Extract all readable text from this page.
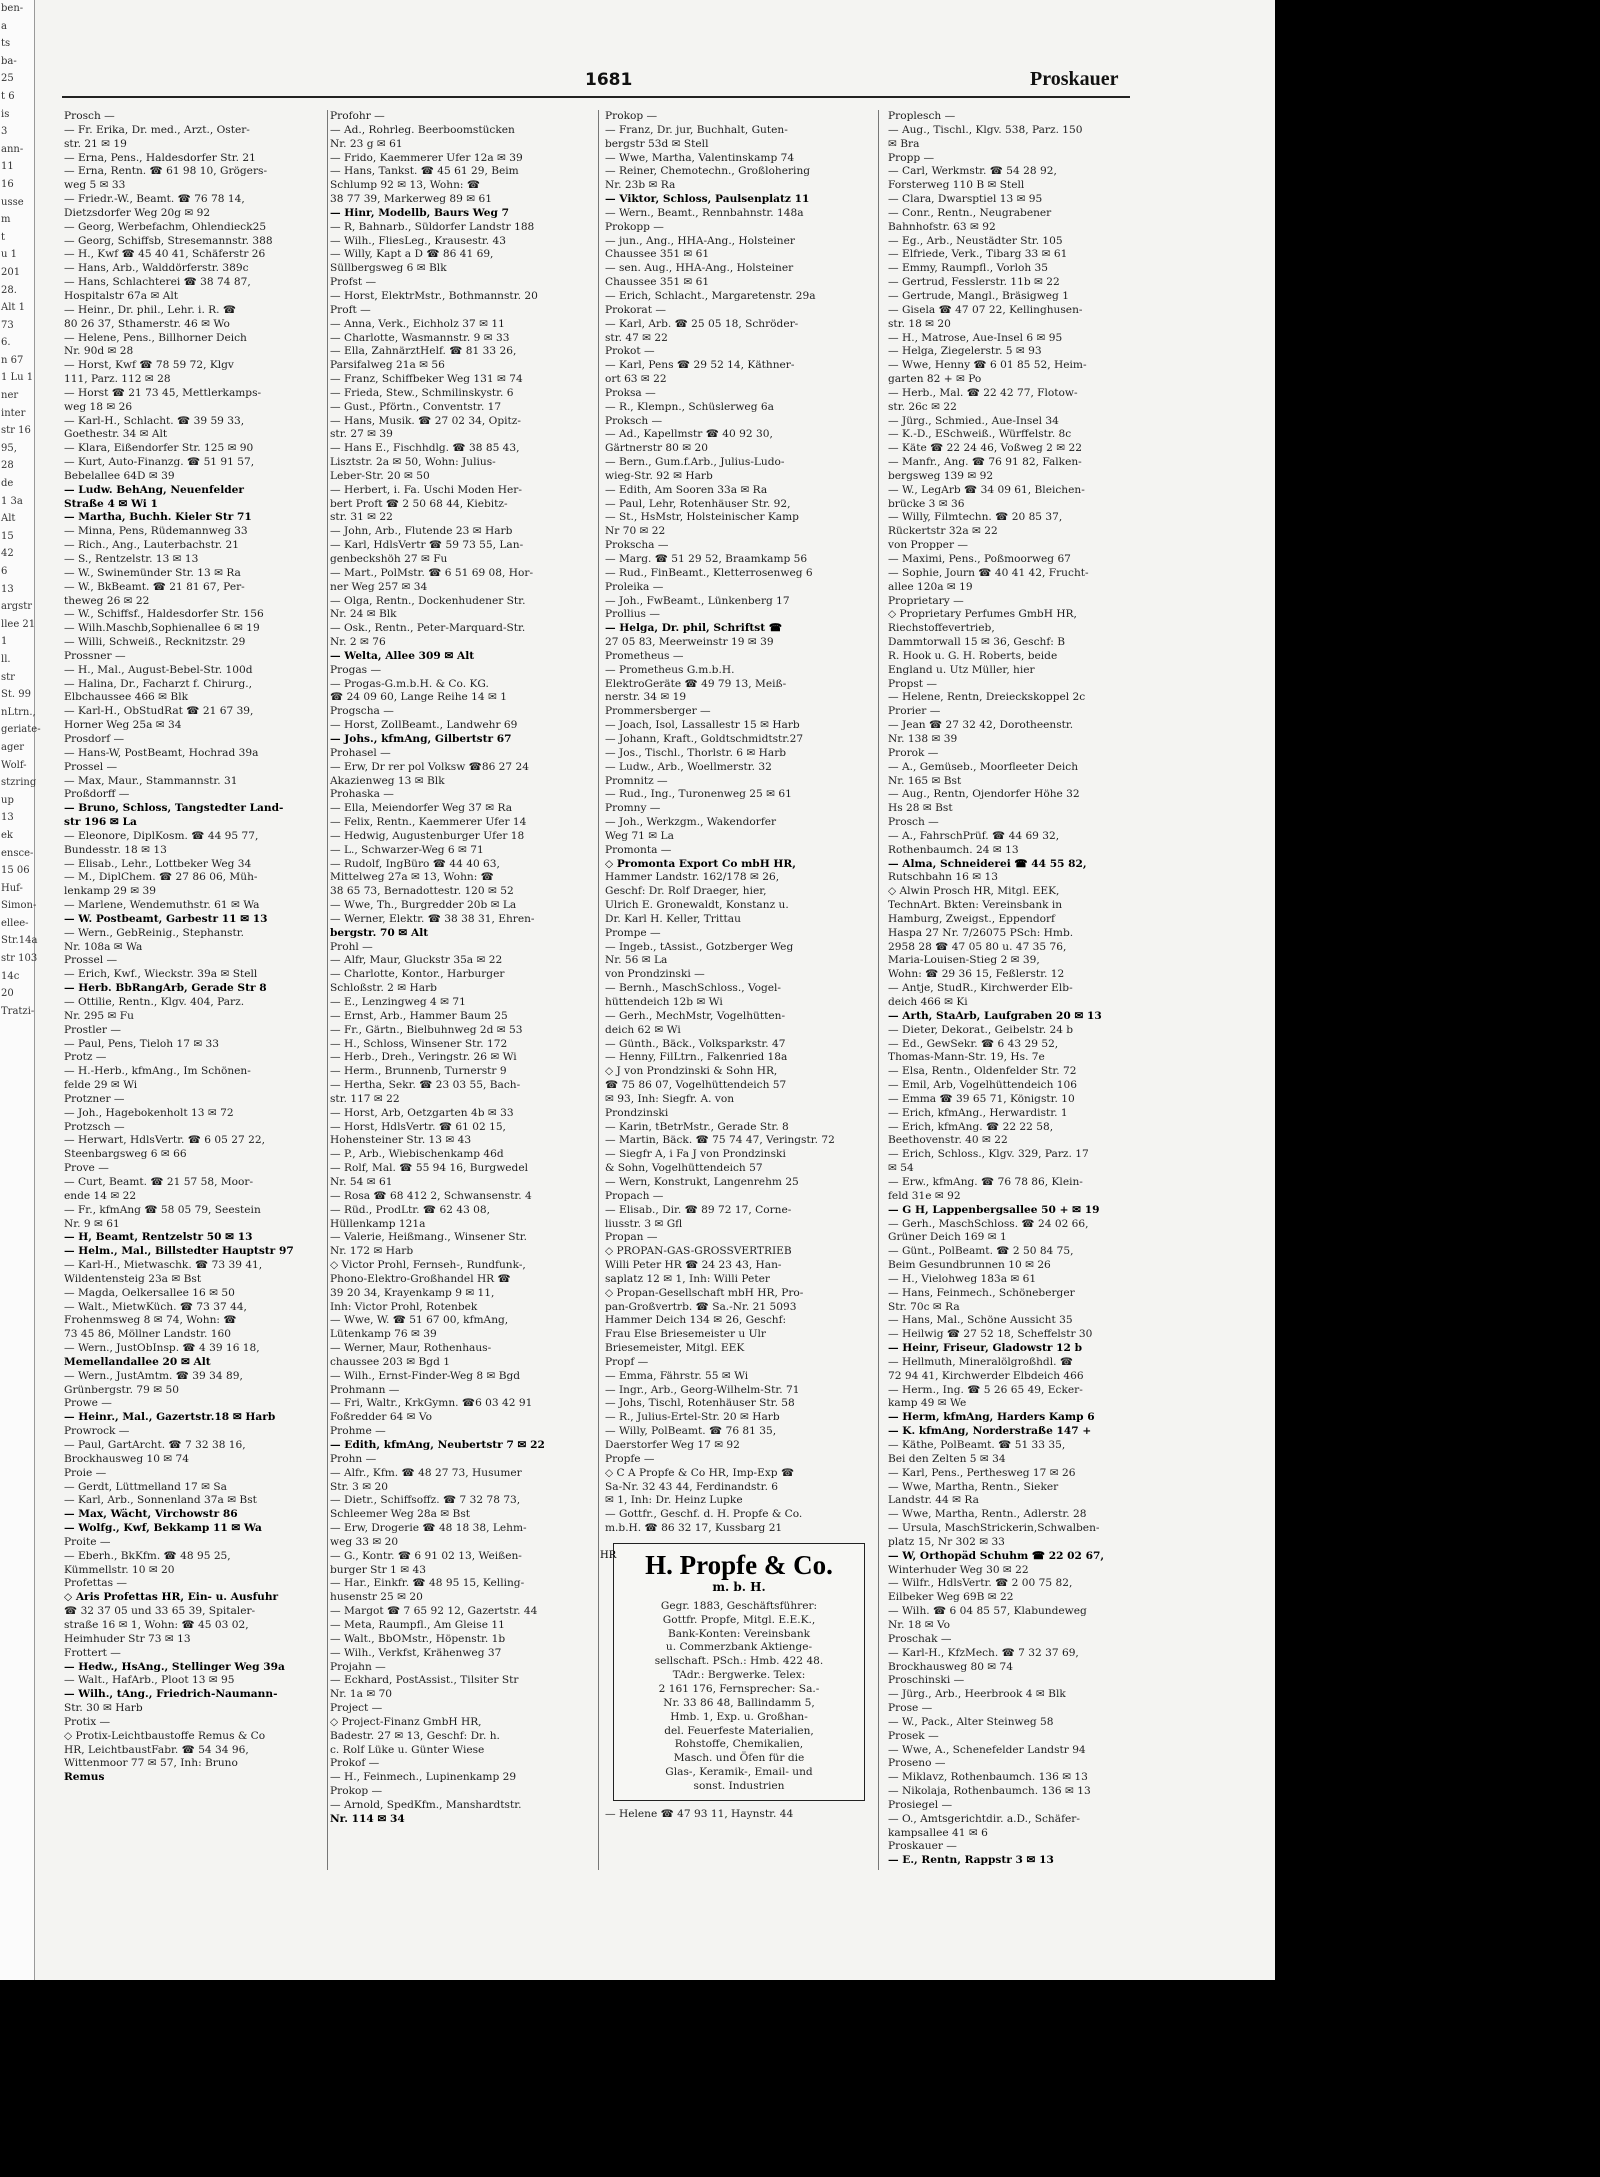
ben-
a
ts
ba-
25
t 6
is
3
ann-
11
16
usse
m
t
u 1
201
28.
Alt 1
73
6.
n 67
1 Lu 1
ner
inter
str 16
95,
28
de
1 3a
Alt
15
42
6
13
argstr
llee 21
1
ll.
str
St. 99
nLtrn.,
geriate-
ager
Wolf-
stzring
up
13
ek
ensce-
15 06
Huf-
Simon-
ellee-
Str.14a
str 103
14c
20
Tratzi-
1681	Proskauer
Prosch —
— Fr. Erika, Dr. med., Arzt., Oster-
str. 21 ✉ 19
— Erna, Pens., Haldesdorfer Str. 21
— Erna, Rentn. ☎ 61 98 10, Grögers-
weg 5 ✉ 33
— Friedr.-W., Beamt. ☎ 76 78 14,
Dietzsdorfer Weg 20g ✉ 92
— Georg, Werbefachm, Ohlendieck25
— Georg, Schiffsb, Stresemannstr. 388
— H., Kwf ☎ 45 40 41, Schäferstr 26
— Hans, Arb., Walddörferstr. 389c
— Hans, Schlachterei ☎ 38 74 87,
Hospitalstr 67a ✉ Alt
— Heinr., Dr. phil., Lehr. i. R. ☎
80 26 37, Sthamerstr. 46 ✉ Wo
— Helene, Pens., Billhorner Deich
Nr. 90d ✉ 28
— Horst, Kwf ☎ 78 59 72, Klgv
111, Parz. 112 ✉ 28
— Horst ☎ 21 73 45, Mettlerkamps-
weg 18 ✉ 26
— Karl-H., Schlacht. ☎ 39 59 33,
Goethestr. 34 ✉ Alt
— Klara, Eißendorfer Str. 125 ✉ 90
— Kurt, Auto-Finanzg. ☎ 51 91 57,
Bebelallee 64D ✉ 39
— Ludw. BehAng, Neuenfelder
Straße 4 ✉ Wi 1
— Martha, Buchh. Kieler Str 71
— Minna, Pens, Rüdemannweg 33
— Rich., Ang., Lauterbachstr. 21
— S., Rentzelstr. 13 ✉ 13
— W., Swinemünder Str. 13 ✉ Ra
— W., BkBeamt. ☎ 21 81 67, Per-
theweg 26 ✉ 22
— W., Schiffsf., Haldesdorfer Str. 156
— Wilh.Maschb,Sophienallee 6 ✉ 19
— Willi, Schweiß., Recknitzstr. 29
Prossner —
— H., Mal., August-Bebel-Str. 100d
— Halina, Dr., Facharzt f. Chirurg.,
Elbchaussee 466 ✉ Blk
— Karl-H., ObStudRat ☎ 21 67 39,
Horner Weg 25a ✉ 34
Prosdorf —
— Hans-W, PostBeamt, Hochrad 39a
Prossel —
— Max, Maur., Stammannstr. 31
Proßdorff —
— Bruno, Schloss, Tangstedter Land-
str 196 ✉ La
— Eleonore, DiplKosm. ☎ 44 95 77,
Bundesstr. 18 ✉ 13
— Elisab., Lehr., Lottbeker Weg 34
— M., DiplChem. ☎ 27 86 06, Müh-
lenkamp 29 ✉ 39
— Marlene, Wendemuthstr. 61 ✉ Wa
— W. Postbeamt, Garbestr 11 ✉ 13
— Wern., GebReinig., Stephanstr.
Nr. 108a ✉ Wa
Prossel —
— Erich, Kwf., Wieckstr. 39a ✉ Stell
— Herb. BbRangArb, Gerade Str 8
— Ottilie, Rentn., Klgv. 404, Parz.
Nr. 295 ✉ Fu
Prostler —
— Paul, Pens, Tieloh 17 ✉ 33
Protz —
— H.-Herb., kfmAng., Im Schönen-
felde 29 ✉ Wi
Protzner —
— Joh., Hagebokenholt 13 ✉ 72
Protzsch —
— Herwart, HdlsVertr. ☎ 6 05 27 22,
Steenbargsweg 6 ✉ 66
Prove —
— Curt, Beamt. ☎ 21 57 58, Moor-
ende 14 ✉ 22
— Fr., kfmAng ☎ 58 05 79, Seestein
Nr. 9 ✉ 61
— H, Beamt, Rentzelstr 50 ✉ 13
— Helm., Mal., Billstedter Hauptstr 97
— Karl-H., Mietwaschk. ☎ 73 39 41,
Wildentensteig 23a ✉ Bst
— Magda, Oelkersallee 16 ✉ 50
— Walt., MietwKüch. ☎ 73 37 44,
Frohenmsweg 8 ✉ 74, Wohn: ☎
73 45 86, Möllner Landstr. 160
— Wern., JustObInsp. ☎ 4 39 16 18,
Memellandallee 20 ✉ Alt
— Wern., JustAmtm. ☎ 39 34 89,
Grünbergstr. 79 ✉ 50
Prowe —
— Heinr., Mal., Gazertstr.18 ✉ Harb
Prowrock —
— Paul, GartArcht. ☎ 7 32 38 16,
Brockhausweg 10 ✉ 74
Proie —
— Gerdt, Lüttmelland 17 ✉ Sa
— Karl, Arb., Sonnenland 37a ✉ Bst
— Max, Wächt, Virchowstr 86
— Wolfg., Kwf, Bekkamp 11 ✉ Wa
Proite —
— Eberh., BkKfm. ☎ 48 95 25,
Kümmellstr. 10 ✉ 20
Profettas —
◇ Aris Profettas HR, Ein- u. Ausfuhr
☎ 32 37 05 und 33 65 39, Spitaler-
straße 16 ✉ 1, Wohn: ☎ 45 03 02,
Heimhuder Str 73 ✉ 13
Frottert —
— Hedw., HsAng., Stellinger Weg 39a
— Walt., HafArb., Ploot 13 ✉ 95
— Wilh., tAng., Friedrich-Naumann-
Str. 30 ✉ Harb
Protix —
◇ Protix-Leichtbaustoffe Remus & Co
HR, LeichtbaustFabr. ☎ 54 34 96,
Wittenmoor 77 ✉ 57, Inh: Bruno
Remus
Profohr —
— Ad., Rohrleg. Beerboomstücken
Nr. 23 g ✉ 61
— Frido, Kaemmerer Ufer 12a ✉ 39
— Hans, Tankst. ☎ 45 61 29, Beim
Schlump 92 ✉ 13, Wohn: ☎
38 77 39, Markerweg 89 ✉ 61
— Hinr, Modellb, Baurs Weg 7
— R, Bahnarb., Süldorfer Landstr 188
— Wilh., FliesLeg., Krausestr. 43
— Willy, Kapt a D ☎ 86 41 69,
Süllbergsweg 6 ✉ Blk
Profst —
— Horst, ElektrMstr., Bothmannstr. 20
Proft —
— Anna, Verk., Eichholz 37 ✉ 11
— Charlotte, Wasmannstr. 9 ✉ 33
— Ella, ZahnärztHelf. ☎ 81 33 26,
Parsifalweg 21a ✉ 56
— Franz, Schiffbeker Weg 131 ✉ 74
— Frieda, Stew., Schmilinskystr. 6
— Gust., Pförtn., Conventstr. 17
— Hans, Musik. ☎ 27 02 34, Opitz-
str. 27 ✉ 39
— Hans E., Fischhdlg. ☎ 38 85 43,
Lisztstr. 2a ✉ 50, Wohn: Julius-
Leber-Str. 20 ✉ 50
— Herbert, i. Fa. Uschi Moden Her-
bert Proft ☎ 2 50 68 44, Kiebitz-
str. 31 ✉ 22
— John, Arb., Flutende 23 ✉ Harb
— Karl, HdlsVertr ☎ 59 73 55, Lan-
genbeckshöh 27 ✉ Fu
— Mart., PolMstr. ☎ 6 51 69 08, Hor-
ner Weg 257 ✉ 34
— Olga, Rentn., Dockenhudener Str.
Nr. 24 ✉ Blk
— Osk., Rentn., Peter-Marquard-Str.
Nr. 2 ✉ 76
— Welta, Allee 309 ✉ Alt
Progas —
— Progas-G.m.b.H. & Co. KG.
☎ 24 09 60, Lange Reihe 14 ✉ 1
Progscha —
— Horst, ZollBeamt., Landwehr 69
— Johs., kfmAng, Gilbertstr 67
Prohasel —
— Erw, Dr rer pol Volksw ☎86 27 24
Akazienweg 13 ✉ Blk
Prohaska —
— Ella, Meiendorfer Weg 37 ✉ Ra
— Felix, Rentn., Kaemmerer Ufer 14
— Hedwig, Augustenburger Ufer 18
— L., Schwarzer-Weg 6 ✉ 71
— Rudolf, IngBüro ☎ 44 40 63,
Mittelweg 27a ✉ 13, Wohn: ☎
38 65 73, Bernadottestr. 120 ✉ 52
— Wwe, Th., Burgredder 20b ✉ La
— Werner, Elektr. ☎ 38 38 31, Ehren-
bergstr. 70 ✉ Alt
Prohl —
— Alfr, Maur, Gluckstr 35a ✉ 22
— Charlotte, Kontor., Harburger
Schloßstr. 2 ✉ Harb
— E., Lenzingweg 4 ✉ 71
— Ernst, Arb., Hammer Baum 25
— Fr., Gärtn., Bielbuhnweg 2d ✉ 53
— H., Schloss, Winsener Str. 172
— Herb., Dreh., Veringstr. 26 ✉ Wi
— Herm., Brunnenb, Turnerstr 9
— Hertha, Sekr. ☎ 23 03 55, Bach-
str. 117 ✉ 22
— Horst, Arb, Oetzgarten 4b ✉ 33
— Horst, HdlsVertr. ☎ 61 02 15,
Hohensteiner Str. 13 ✉ 43
— P., Arb., Wiebischenkamp 46d
— Rolf, Mal. ☎ 55 94 16, Burgwedel
Nr. 54 ✉ 61
— Rosa ☎ 68 412 2, Schwansenstr. 4
— Rüd., ProdLtr. ☎ 62 43 08,
Hüllenkamp 121a
— Valerie, Heißmang., Winsener Str.
Nr. 172 ✉ Harb
◇ Victor Prohl, Fernseh-, Rundfunk-,
Phono-Elektro-Großhandel HR ☎
39 20 34, Krayenkamp 9 ✉ 11,
Inh: Victor Prohl, Rotenbek
— Wwe, W. ☎ 51 67 00, kfmAng,
Lütenkamp 76 ✉ 39
— Werner, Maur, Rothenhaus-
chaussee 203 ✉ Bgd 1
— Wilh., Ernst-Finder-Weg 8 ✉ Bgd
Prohmann —
— Fri, Waltr., KrkGymn. ☎6 03 42 91
Foßredder 64 ✉ Vo
Prohme —
— Edith, kfmAng, Neubertstr 7 ✉ 22
Prohn —
— Alfr., Kfm. ☎ 48 27 73, Husumer
Str. 3 ✉ 20
— Dietr., Schiffsoffz. ☎ 7 32 78 73,
Schleemer Weg 28a ✉ Bst
— Erw, Drogerie ☎ 48 18 38, Lehm-
weg 33 ✉ 20
— G., Kontr. ☎ 6 91 02 13, Weißen-
burger Str 1 ✉ 43
— Har., Einkfr. ☎ 48 95 15, Kelling-
husenstr 25 ✉ 20
— Margot ☎ 7 65 92 12, Gazertstr. 44
— Meta, Raumpfl., Am Gleise 11
— Walt., BbOMstr., Höpenstr. 1b
— Wilh., Verkfst, Krähenweg 37
Projahn —
— Eckhard, PostAssist., Tilsiter Str
Nr. 1a ✉ 70
Project —
◇ Project-Finanz GmbH HR,
Badestr. 27 ✉ 13, Geschf: Dr. h.
c. Rolf Lüke u. Günter Wiese
Prokof —
— H., Feinmech., Lupinenkamp 29
Prokop —
— Arnold, SpedKfm., Manshardtstr.
Nr. 114 ✉ 34
Prokop —
— Franz, Dr. jur, Buchhalt, Guten-
bergstr 53d ✉ Stell
— Wwe, Martha, Valentinskamp 74
— Reiner, Chemotechn., Großlohering
Nr. 23b ✉ Ra
— Viktor, Schloss, Paulsenplatz 11
— Wern., Beamt., Rennbahnstr. 148a
Prokopp —
— jun., Ang., HHA-Ang., Holsteiner
Chaussee 351 ✉ 61
— sen. Aug., HHA-Ang., Holsteiner
Chaussee 351 ✉ 61
— Erich, Schlacht., Margaretenstr. 29a
Prokorat —
— Karl, Arb. ☎ 25 05 18, Schröder-
str. 47 ✉ 22
Prokot —
— Karl, Pens ☎ 29 52 14, Käthner-
ort 63 ✉ 22
Proksa —
— R., Klempn., Schüslerweg 6a
Proksch —
— Ad., Kapellmstr ☎ 40 92 30,
Gärtnerstr 80 ✉ 20
— Bern., Gum.f.Arb., Julius-Ludo-
wieg-Str. 92 ✉ Harb
— Edith, Am Sooren 33a ✉ Ra
— Paul, Lehr, Rotenhäuser Str. 92,
— St., HsMstr, Holsteinischer Kamp
Nr 70 ✉ 22
Prokscha —
— Marg. ☎ 51 29 52, Braamkamp 56
— Rud., FinBeamt., Kletterrosenweg 6
Proleika —
— Joh., FwBeamt., Lünkenberg 17
Prollius —
— Helga, Dr. phil, Schriftst ☎
27 05 83, Meerweinstr 19 ✉ 39
Prometheus —
— Prometheus G.m.b.H.
ElektroGeräte ☎ 49 79 13, Meiß-
nerstr. 34 ✉ 19
Prommersberger —
— Joach, Isol, Lassallestr 15 ✉ Harb
— Johann, Kraft., Goldtschmidtstr.27
— Jos., Tischl., Thorlstr. 6 ✉ Harb
— Ludw., Arb., Woellmerstr. 32
Promnitz —
— Rud., Ing., Turonenweg 25 ✉ 61
Promny —
— Joh., Werkzgm., Wakendorfer
Weg 71 ✉ La
Promonta —
◇ Promonta Export Co mbH HR,
Hammer Landstr. 162/178 ✉ 26,
Geschf: Dr. Rolf Draeger, hier,
Ulrich E. Gronewaldt, Konstanz u.
Dr. Karl H. Keller, Trittau
Prompe —
— Ingeb., tAssist., Gotzberger Weg
Nr. 56 ✉ La
von Prondzinski —
— Bernh., MaschSchloss., Vogel-
hüttendeich 12b ✉ Wi
— Gerh., MechMstr, Vogelhütten-
deich 62 ✉ Wi
— Günth., Bäck., Volksparkstr. 47
— Henny, FilLtrn., Falkenried 18a
◇ J von Prondzinski & Sohn HR,
☎ 75 86 07, Vogelhüttendeich 57
✉ 93, Inh: Siegfr. A. von
Prondzinski
— Karin, tBetrMstr., Gerade Str. 8
— Martin, Bäck. ☎ 75 74 47, Veringstr. 72
— Siegfr A, i Fa J von Prondzinski
& Sohn, Vogelhüttendeich 57
— Wern, Konstrukt, Langenrehm 25
Propach —
— Elisab., Dir. ☎ 89 72 17, Corne-
liusstr. 3 ✉ Gfl
Propan —
◇ PROPAN-GAS-GROSSVERTRIEB
Willi Peter HR ☎ 24 23 43, Han-
saplatz 12 ✉ 1, Inh: Willi Peter
◇ Propan-Gesellschaft mbH HR, Pro-
pan-Großvertrb. ☎ Sa.-Nr. 21 5093
Hammer Deich 134 ✉ 26, Geschf:
Frau Else Briesemeister u Ulr
Briesemeister, Mitgl. EEK
Propf —
— Emma, Fährstr. 55 ✉ Wi
— Ingr., Arb., Georg-Wilhelm-Str. 71
— Johs, Tischl, Rotenhäuser Str. 58
— R., Julius-Ertel-Str. 20 ✉ Harb
— Willy, PolBeamt. ☎ 76 81 35,
Daerstorfer Weg 17 ✉ 92
Propfe —
◇ C A Propfe & Co HR, Imp-Exp ☎
Sa-Nr. 32 43 44, Ferdinandstr. 6
✉ 1, Inh: Dr. Heinz Lupke
— Gottfr., Geschf. d. H. Propfe & Co.
m.b.H. ☎ 86 32 17, Kussbarg 21
HR	H. Propfe & Co.
m. b. H.
Gegr. 1883, Geschäftsführer:
Gottfr. Propfe, Mitgl. E.E.K.,
Bank-Konten: Vereinsbank
u. Commerzbank Aktienge-
sellschaft. PSch.: Hmb. 422 48.
TAdr.: Bergwerke. Telex:
2 161 176, Fernsprecher: Sa.-
Nr. 33 86 48, Ballindamm 5,
Hmb. 1, Exp. u. Großhan-
del. Feuerfeste Materialien,
Rohstoffe, Chemikalien,
Masch. und Öfen für die
Glas-, Keramik-, Email- und
sonst. Industrien
— Helene ☎ 47 93 11, Haynstr. 44
Proplesch —
— Aug., Tischl., Klgv. 538, Parz. 150
✉ Bra
Propp —
— Carl, Werkmstr. ☎ 54 28 92,
Forsterweg 110 B ✉ Stell
— Clara, Dwarsptiel 13 ✉ 95
— Conr., Rentn., Neugrabener
Bahnhofstr. 63 ✉ 92
— Eg., Arb., Neustädter Str. 105
— Elfriede, Verk., Tibarg 33 ✉ 61
— Emmy, Raumpfl., Vorloh 35
— Gertrud, Fesslerstr. 11b ✉ 22
— Gertrude, Mangl., Bräsigweg 1
— Gisela ☎ 47 07 22, Kellinghusen-
str. 18 ✉ 20
— H., Matrose, Aue-Insel 6 ✉ 95
— Helga, Ziegelerstr. 5 ✉ 93
— Wwe, Henny ☎ 6 01 85 52, Heim-
garten 82 + ✉ Po
— Herb., Mal. ☎ 22 42 77, Flotow-
str. 26c ✉ 22
— Jürg., Schmied., Aue-Insel 34
— K.-D., ESchweiß., Würffelstr. 8c
— Käte ☎ 22 24 46, Voßweg 2 ✉ 22
— Manfr., Ang. ☎ 76 91 82, Falken-
bergsweg 139 ✉ 92
— W., LegArb ☎ 34 09 61, Bleichen-
brücke 3 ✉ 36
— Willy, Filmtechn. ☎ 20 85 37,
Rückertstr 32a ✉ 22
von Propper —
— Maximi, Pens., Poßmoorweg 67
— Sophie, Journ ☎ 40 41 42, Frucht-
allee 120a ✉ 19
Proprietary —
◇ Proprietary Perfumes GmbH HR,
Riechstoffevertrieb,
Dammtorwall 15 ✉ 36, Geschf: B
R. Hook u. G. H. Roberts, beide
England u. Utz Müller, hier
Propst —
— Helene, Rentn, Dreieckskoppel 2c
Prorier —
— Jean ☎ 27 32 42, Dorotheenstr.
Nr. 138 ✉ 39
Prorok —
— A., Gemüseb., Moorfleeter Deich
Nr. 165 ✉ Bst
— Aug., Rentn, Ojendorfer Höhe 32
Hs 28 ✉ Bst
Prosch —
— A., FahrschPrüf. ☎ 44 69 32,
Rothenbaumch. 24 ✉ 13
— Alma, Schneiderei ☎ 44 55 82,
Rutschbahn 16 ✉ 13
◇ Alwin Prosch HR, Mitgl. EEK,
TechnArt. Bkten: Vereinsbank in
Hamburg, Zweigst., Eppendorf
Haspa 27 Nr. 7/26075 PSch: Hmb.
2958 28 ☎ 47 05 80 u. 47 35 76,
Maria-Louisen-Stieg 2 ✉ 39,
Wohn: ☎ 29 36 15, Feßlerstr. 12
— Antje, StudR., Kirchwerder Elb-
deich 466 ✉ Ki
— Arth, StaArb, Laufgraben 20 ✉ 13
— Dieter, Dekorat., Geibelstr. 24 b
— Ed., GewSekr. ☎ 6 43 29 52,
Thomas-Mann-Str. 19, Hs. 7e
— Elsa, Rentn., Oldenfelder Str. 72
— Emil, Arb, Vogelhüttendeich 106
— Emma ☎ 39 65 71, Königstr. 10
— Erich, kfmAng., Herwardistr. 1
— Erich, kfmAng. ☎ 22 22 58,
Beethovenstr. 40 ✉ 22
— Erich, Schloss., Klgv. 329, Parz. 17
✉ 54
— Erw., kfmAng. ☎ 76 78 86, Klein-
feld 31e ✉ 92
— G H, Lappenbergsallee 50 + ✉ 19
— Gerh., MaschSchloss. ☎ 24 02 66,
Grüner Deich 169 ✉ 1
— Günt., PolBeamt. ☎ 2 50 84 75,
Beim Gesundbrunnen 10 ✉ 26
— H., Vielohweg 183a ✉ 61
— Hans, Feinmech., Schöneberger
Str. 70c ✉ Ra
— Hans, Mal., Schöne Aussicht 35
— Heilwig ☎ 27 52 18, Scheffelstr 30
— Heinr, Friseur, Gladowstr 12 b
— Hellmuth, Mineralölgroßhdl. ☎
72 94 41, Kirchwerder Elbdeich 466
— Herm., Ing. ☎ 5 26 65 49, Ecker-
kamp 49 ✉ We
— Herm, kfmAng, Harders Kamp 6
— K. kfmAng, Norderstraße 147 +
— Käthe, PolBeamt. ☎ 51 33 35,
Bei den Zelten 5 ✉ 34
— Karl, Pens., Perthesweg 17 ✉ 26
— Wwe, Martha, Rentn., Sieker
Landstr. 44 ✉ Ra
— Wwe, Martha, Rentn., Adlerstr. 28
— Ursula, MaschStrickerin,Schwalben-
platz 15, Nr 302 ✉ 33
— W, Orthopäd Schuhm ☎ 22 02 67,
Winterhuder Weg 30 ✉ 22
— Wilfr., HdlsVertr. ☎ 2 00 75 82,
Eilbeker Weg 69B ✉ 22
— Wilh. ☎ 6 04 85 57, Klabundeweg
Nr. 18 ✉ Vo
Proschak —
— Karl-H., KfzMech. ☎ 7 32 37 69,
Brockhausweg 80 ✉ 74
Proschinski —
— Jürg., Arb., Heerbrook 4 ✉ Blk
Prose —
— W., Pack., Alter Steinweg 58
Prosek —
— Wwe, A., Schenefelder Landstr 94
Proseno —
— Miklavz, Rothenbaumch. 136 ✉ 13
— Nikolaja, Rothenbaumch. 136 ✉ 13
Prosiegel —
— O., Amtsgerichtdir. a.D., Schäfer-
kampsallee 41 ✉ 6
Proskauer —
— E., Rentn, Rappstr 3 ✉ 13
